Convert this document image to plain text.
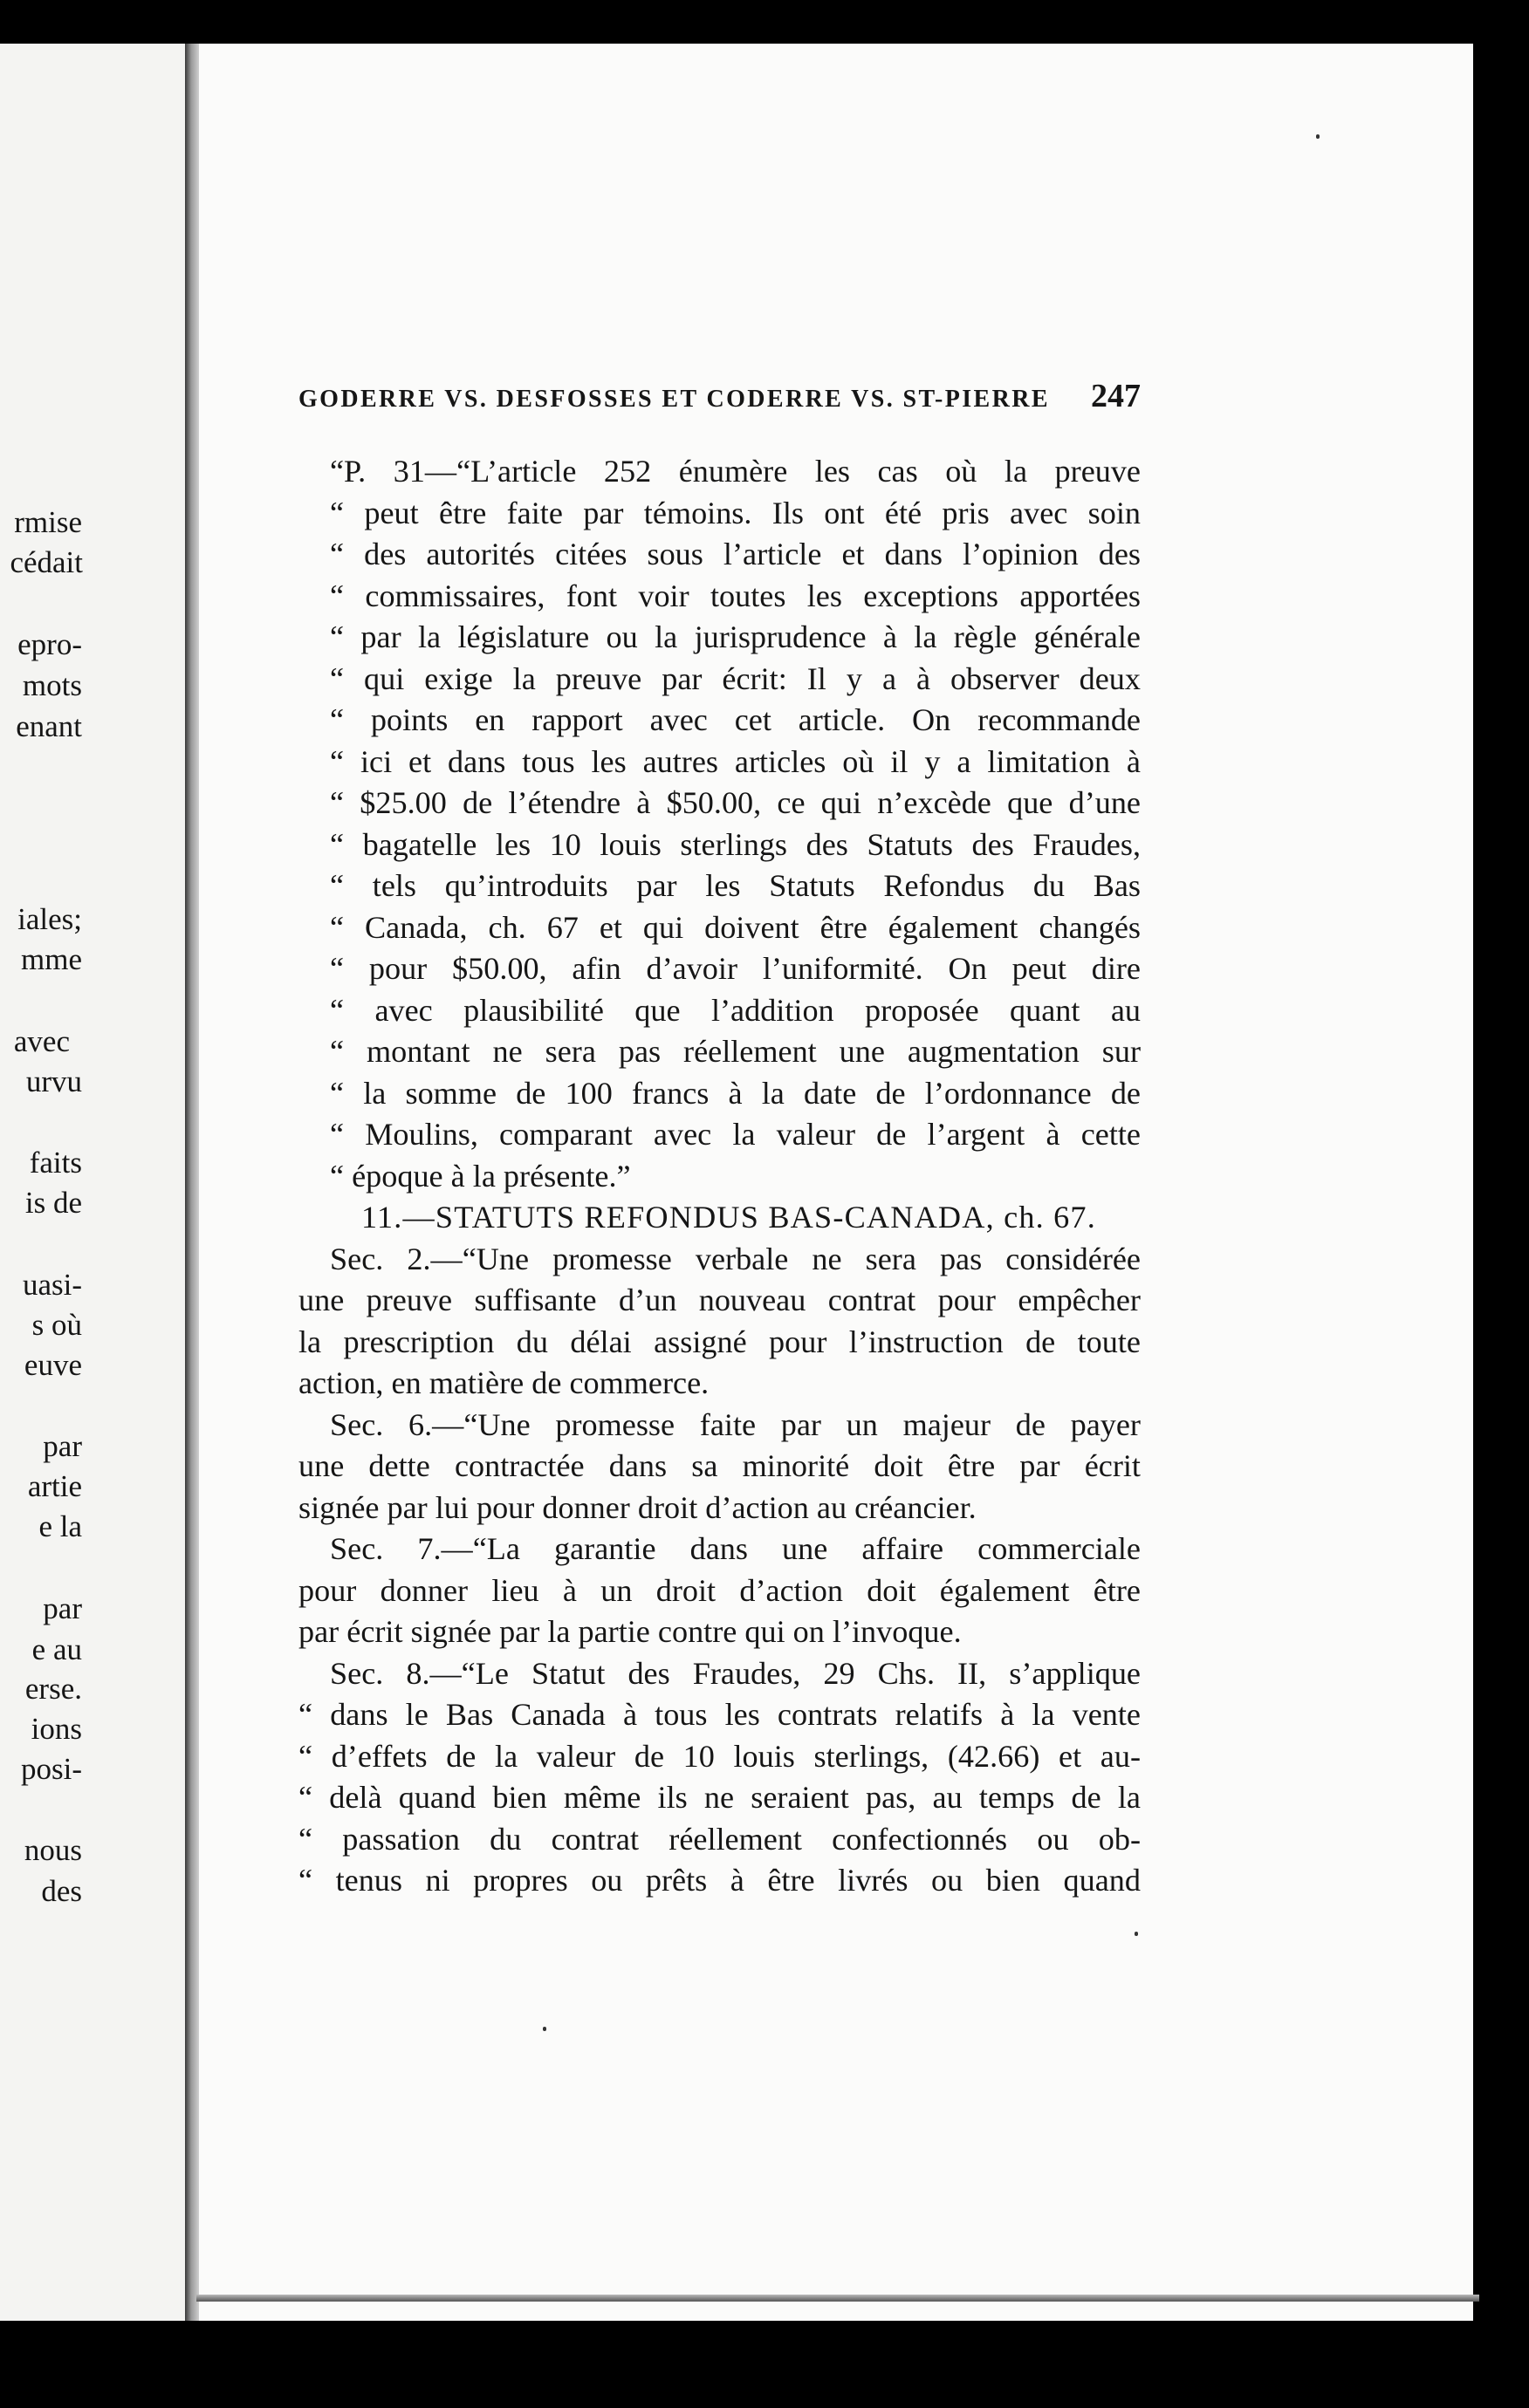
rmise

cédait

epro-

mots

enant

iales;

mme

avec

urvu

faits

is de

uasi-

s où

euve

par

artie

e la

par

e au

erse.

ions

posi-

nous

des

GODERRE VS. DESFOSSES ET CODERRE VS. ST-PIERRE 247
“P. 31—“L’article 252 énumère les cas où la preuve
“ peut être faite par témoins. Ils ont été pris avec soin
“ des autorités citées sous l’article et dans l’opinion des
“ commissaires, font voir toutes les exceptions apportées
“ par la législature ou la jurisprudence à la règle générale
“ qui exige la preuve par écrit: Il y a à observer deux
“ points en rapport avec cet article. On recommande
“ ici et dans tous les autres articles où il y a limitation à
“ $25.00 de l’étendre à $50.00, ce qui n’excède que d’une
“ bagatelle les 10 louis sterlings des Statuts des Fraudes,
“ tels qu’introduits par les Statuts Refondus du Bas
“ Canada, ch. 67 et qui doivent être également changés
“ pour $50.00, afin d’avoir l’uniformité. On peut dire
“ avec plausibilité que l’addition proposée quant au
“ montant ne sera pas réellement une augmentation sur
“ la somme de 100 francs à la date de l’ordonnance de
“ Moulins, comparant avec la valeur de l’argent à cette
“ époque à la présente.”
11.—STATUTS REFONDUS BAS-CANADA, ch. 67.
Sec. 2.—“Une promesse verbale ne sera pas considérée
une preuve suffisante d’un nouveau contrat pour empêcher
la prescription du délai assigné pour l’instruction de toute
action, en matière de commerce.
Sec. 6.—“Une promesse faite par un majeur de payer
une dette contractée dans sa minorité doit être par écrit
signée par lui pour donner droit d’action au créancier.
Sec. 7.—“La garantie dans une affaire commerciale
pour donner lieu à un droit d’action doit également être
par écrit signée par la partie contre qui on l’invoque.
Sec. 8.—“Le Statut des Fraudes, 29 Chs. II, s’applique
“ dans le Bas Canada à tous les contrats relatifs à la vente
“ d’effets de la valeur de 10 louis sterlings, (42.66) et au-
“ delà quand bien même ils ne seraient pas, au temps de la
“ passation du contrat réellement confectionnés ou ob-
“ tenus ni propres ou prêts à être livrés ou bien quand
